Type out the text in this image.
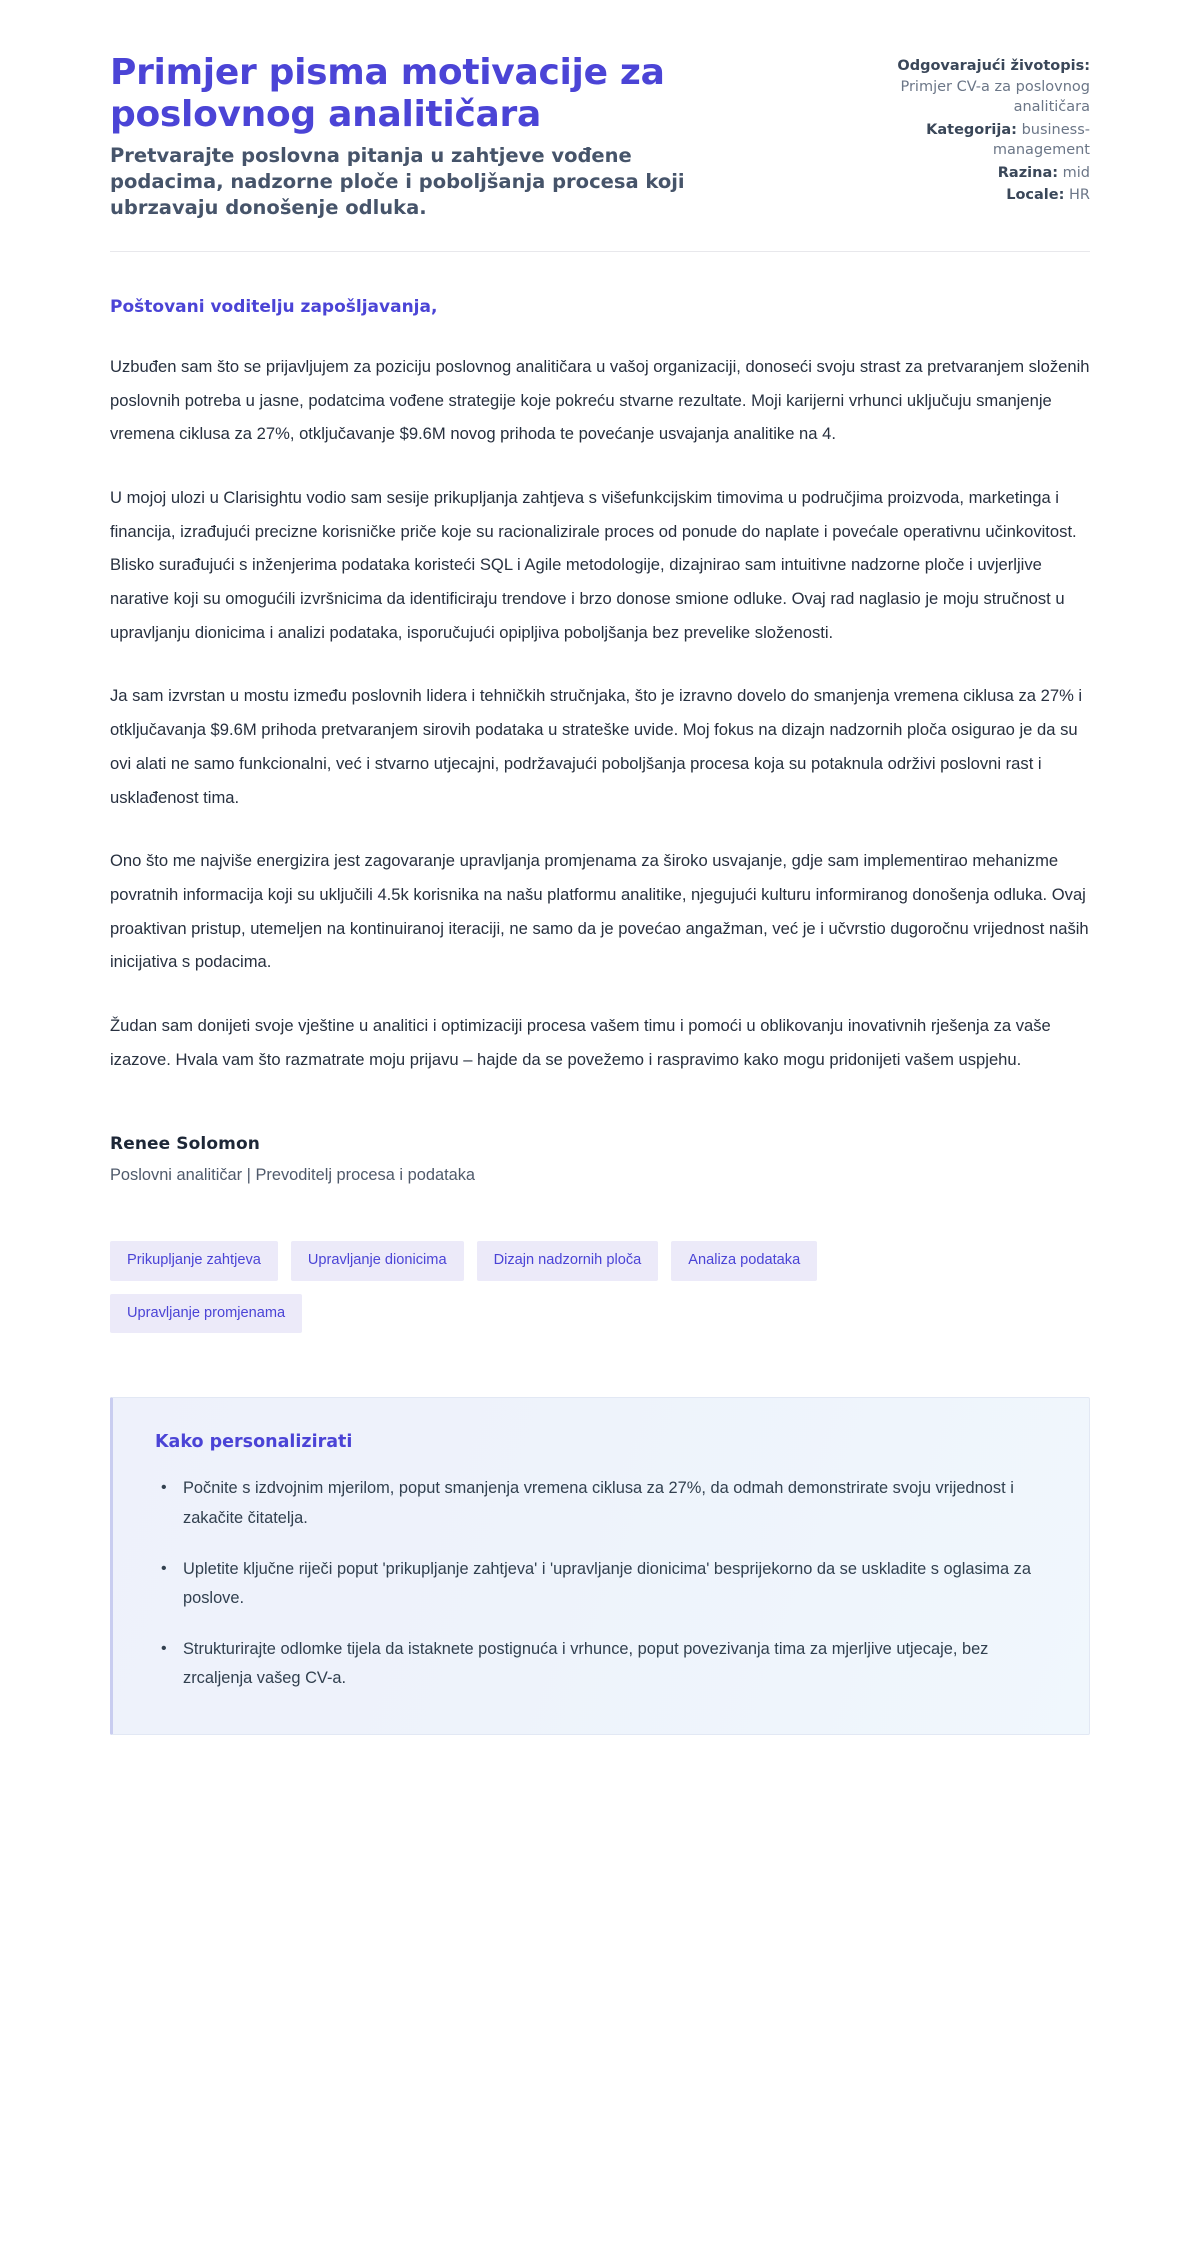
Primjer pisma motivacije za poslovnog analitičara

Pretvarajte poslovna pitanja u zahtjeve vođene podacima, nadzorne ploče i poboljšanja procesa koji ubrzavaju donošenje odluka.

Odgovarajući životopis: Primjer CV-a za poslovnog analitičara
Kategorija: business-management
Razina: mid
Locale: HR

Poštovani voditelju zapošljavanja,

Uzbuđen sam što se prijavljujem za poziciju poslovnog analitičara u vašoj organizaciji, donoseći svoju strast za pretvaranjem složenih poslovnih potreba u jasne, podatcima vođene strategije koje pokreću stvarne rezultate. Moji karijerni vrhunci uključuju smanjenje vremena ciklusa za 27%, otključavanje $9.6M novog prihoda te povećanje usvajanja analitike na 4.

U mojoj ulozi u Clarisightu vodio sam sesije prikupljanja zahtjeva s višefunkcijskim timovima u područjima proizvoda, marketinga i financija, izrađujući precizne korisničke priče koje su racionalizirale proces od ponude do naplate i povećale operativnu učinkovitost. Blisko surađujući s inženjerima podataka koristeći SQL i Agile metodologije, dizajnirao sam intuitivne nadzorne ploče i uvjerljive narative koji su omogućili izvršnicima da identificiraju trendove i brzo donose smione odluke. Ovaj rad naglasio je moju stručnost u upravljanju dionicima i analizi podataka, isporučujući opipljiva poboljšanja bez prevelike složenosti.

Ja sam izvrstan u mostu između poslovnih lidera i tehničkih stručnjaka, što je izravno dovelo do smanjenja vremena ciklusa za 27% i otključavanja $9.6M prihoda pretvaranjem sirovih podataka u strateške uvide. Moj fokus na dizajn nadzornih ploča osigurao je da su ovi alati ne samo funkcionalni, već i stvarno utjecajni, podržavajući poboljšanja procesa koja su potaknula održivi poslovni rast i usklađenost tima.

Ono što me najviše energizira jest zagovaranje upravljanja promjenama za široko usvajanje, gdje sam implementirao mehanizme povratnih informacija koji su uključili 4.5k korisnika na našu platformu analitike, njegujući kulturu informiranog donošenja odluka. Ovaj proaktivan pristup, utemeljen na kontinuiranoj iteraciji, ne samo da je povećao angažman, već je i učvrstio dugoročnu vrijednost naših inicijativa s podacima.

Žudan sam donijeti svoje vještine u analitici i optimizaciji procesa vašem timu i pomoći u oblikovanju inovativnih rješenja za vaše izazove. Hvala vam što razmatrate moju prijavu – hajde da se povežemo i raspravimo kako mogu pridonijeti vašem uspjehu.

Renee Solomon

Poslovni analitičar | Prevoditelj procesa i podataka

Prikupljanje zahtjeva	Upravljanje dionicima	Dizajn nadzornih ploča	Analiza podataka
Upravljanje promjenama
Kako personalizirati
• Počnite s izdvojnim mjerilom, poput smanjenja vremena ciklusa za 27%, da odmah demonstrirate svoju vrijednost i zakačite čitatelja.
• Upletite ključne riječi poput 'prikupljanje zahtjeva' i 'upravljanje dionicima' besprijekorno da se uskladite s oglasima za poslove.
• Strukturirajte odlomke tijela da istaknete postignuća i vrhunce, poput povezivanja tima za mjerljive utjecaje, bez zrcaljenja vašeg CV-a.
